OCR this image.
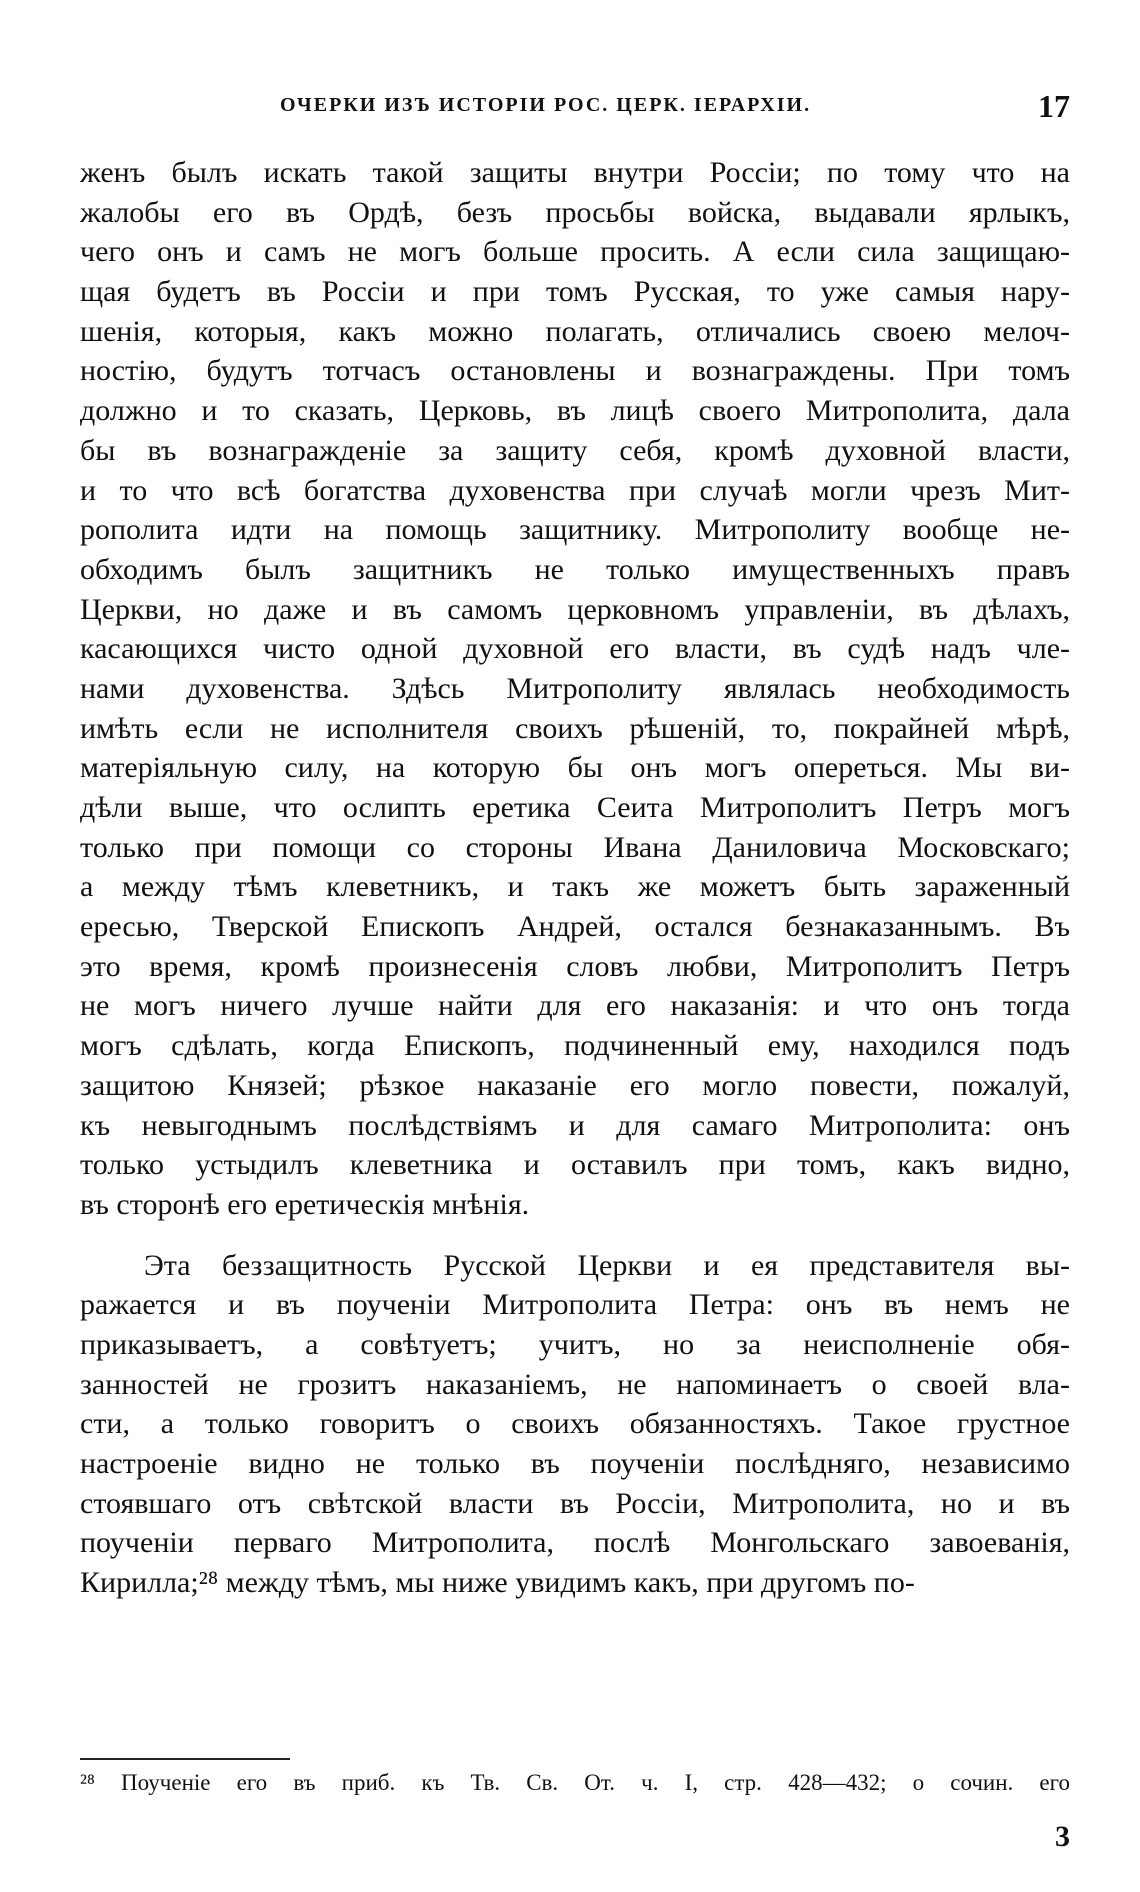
ОЧЕРКИ ИЗЪ ИСТОРІИ РОС. ЦЕРК. ІЕРАРХІИ.	17
женъ былъ искать такой защиты внутри Россіи; по тому что на
жалобы его въ Ордѣ, безъ просьбы войска, выдавали ярлыкъ,
чего онъ и самъ не могъ больше просить. А если сила защищаю-
щая будетъ въ Россіи и при томъ Русская, то уже самыя нару-
шенія, которыя, какъ можно полагать, отличались своею мелоч-
ностію, будутъ тотчасъ остановлены и вознаграждены. При томъ
должно и то сказать, Церковь, въ лицѣ своего Митрополита, дала
бы въ вознагражденіе за защиту себя, кромѣ духовной власти,
и то что всѣ богатства духовенства при случаѣ могли чрезъ Мит-
рополита идти на помощь защитнику. Митрополиту вообще не-
обходимъ былъ защитникъ не только имущественныхъ правъ
Церкви, но даже и въ самомъ церковномъ управленіи, въ дѣлахъ,
касающихся чисто одной духовной его власти, въ судѣ надъ чле-
нами духовенства. Здѣсь Митрополиту являлась необходимость
имѣть если не исполнителя своихъ рѣшеній, то, покрайней мѣрѣ,
матеріяльную силу, на которую бы онъ могъ опереться. Мы ви-
дѣли выше, что ослипть еретика Сеита Митрополитъ Петръ могъ
только при помощи со стороны Ивана Даниловича Московскаго;
а между тѣмъ клеветникъ, и такъ же можетъ быть зараженный
ересью, Тверской Епископъ Андрей, остался безнаказаннымъ. Въ
это время, кромѣ произнесенія словъ любви, Митрополитъ Петръ
не могъ ничего лучше найти для его наказанія: и что онъ тогда
могъ сдѣлать, когда Епископъ, подчиненный ему, находился подъ
защитою Князей; рѣзкое наказаніе его могло повести, пожалуй,
къ невыгоднымъ послѣдствіямъ и для самаго Митрополита: онъ
только устыдилъ клеветника и оставилъ при томъ, какъ видно,
въ сторонѣ его еретическія мнѣнія.
Эта беззащитность Русской Церкви и ея представителя вы-
ражается и въ поученіи Митрополита Петра: онъ въ немъ не
приказываетъ, а совѣтуетъ; учитъ, но за неисполненіе обя-
занностей не грозитъ наказаніемъ, не напоминаетъ о своей вла-
сти, а только говоритъ о своихъ обязанностяхъ. Такое грустное
настроеніе видно не только въ поученіи послѣдняго, независимо
стоявшаго отъ свѣтской власти въ Россіи, Митрополита, но и въ
поученіи перваго Митрополита, послѣ Монгольскаго завоеванія,
Кирилла;²⁸ между тѣмъ, мы ниже увидимъ какъ, при другомъ по-
²⁸ Поученіе его въ приб. къ Тв. Св. От. ч. I, стр. 428—432; о сочин. его
3
